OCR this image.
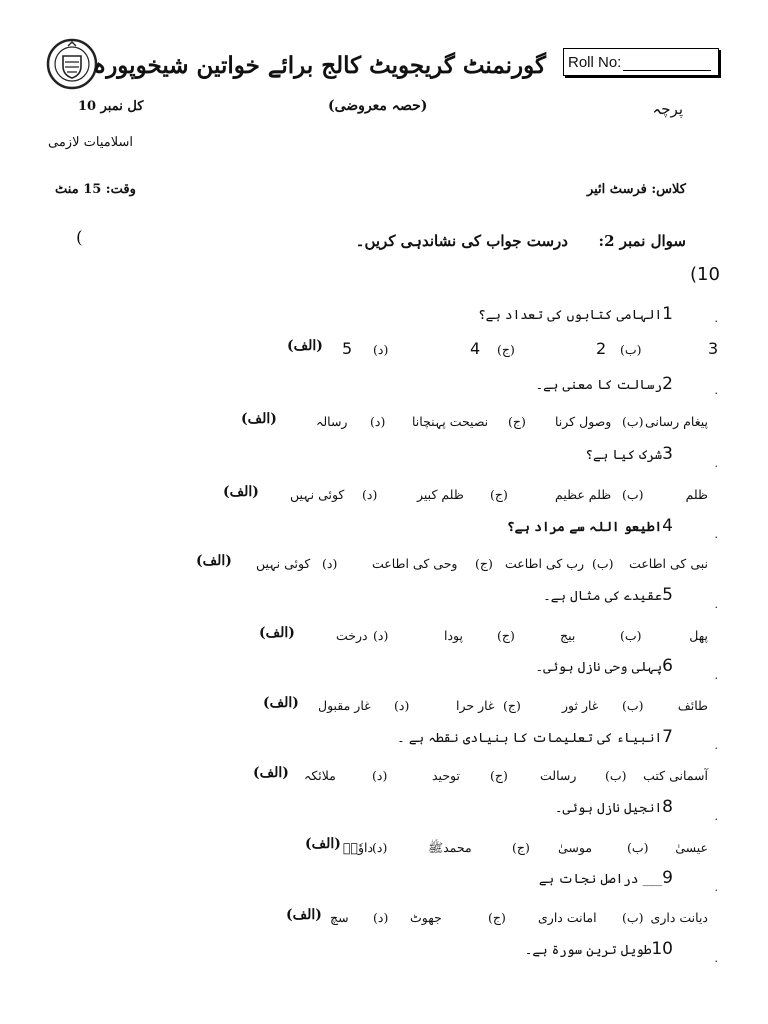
گورنمنٹ گریجویٹ کالج برائے خواتین شیخوپورہ	Roll No:
پرچہ
(حصہ معروضی)
کل نمبر 10
اسلامیات لازمی
کلاس: فرسٹ ائیر
وقت: 15 منٹ
سوال نمبر 2:
درست جواب کی نشاندہی کریں۔
(
(10
.
1الہامی کتابوں کی تعداد ہے؟
3
(ب)
2
(ج)
4
(د)
5
(الف)
.
2رسالت کا معنی ہے۔
پیغام رسانی
(ب)
وصول کرنا
(ج)
نصیحت پہنچانا
(د)
رسالہ
(الف)
.
3شرک کیا ہے؟
ظلم
(ب)
ظلم عظیم
(ج)
ظلم کبیر
(د)
کوئی نہیں
(الف)
.
4اطیعو اللہ سے مراد ہے؟
نبی کی اطاعت
(ب)
رب کی اطاعت
(ج)
وحی کی اطاعت
(د)
کوئی نہیں
(الف)
.
5عقیدے کی مثال ہے۔
پھل
(ب)
بیج
(ج)
پودا
(د)
درخت
(الف)
.
6پہلی وحی نازل ہوئی۔
طائف
(ب)
غار ثور
(ج)
غار حرا
(د)
غار مقبول
(الف)
.
7انبیاء کی تعلیمات کا بنیادی نقطہ ہے ۔
آسمانی کتب
(ب)
رسالت
(ج)
توحید
(د)
ملائکہ
(الف)
.
8انجیل نازل ہوئی۔
عیسیٰ
(ب)
موسیٰ
(ج)
محمدﷺ
(د)
داوٗدؑ
(الف)
.
9___ دراصل نجات ہے
دیانت داری
(ب)
امانت داری
(ج)
جھوٹ
(د)
سچ
(الف)
.
10طویل ترین سورۃ ہے۔
